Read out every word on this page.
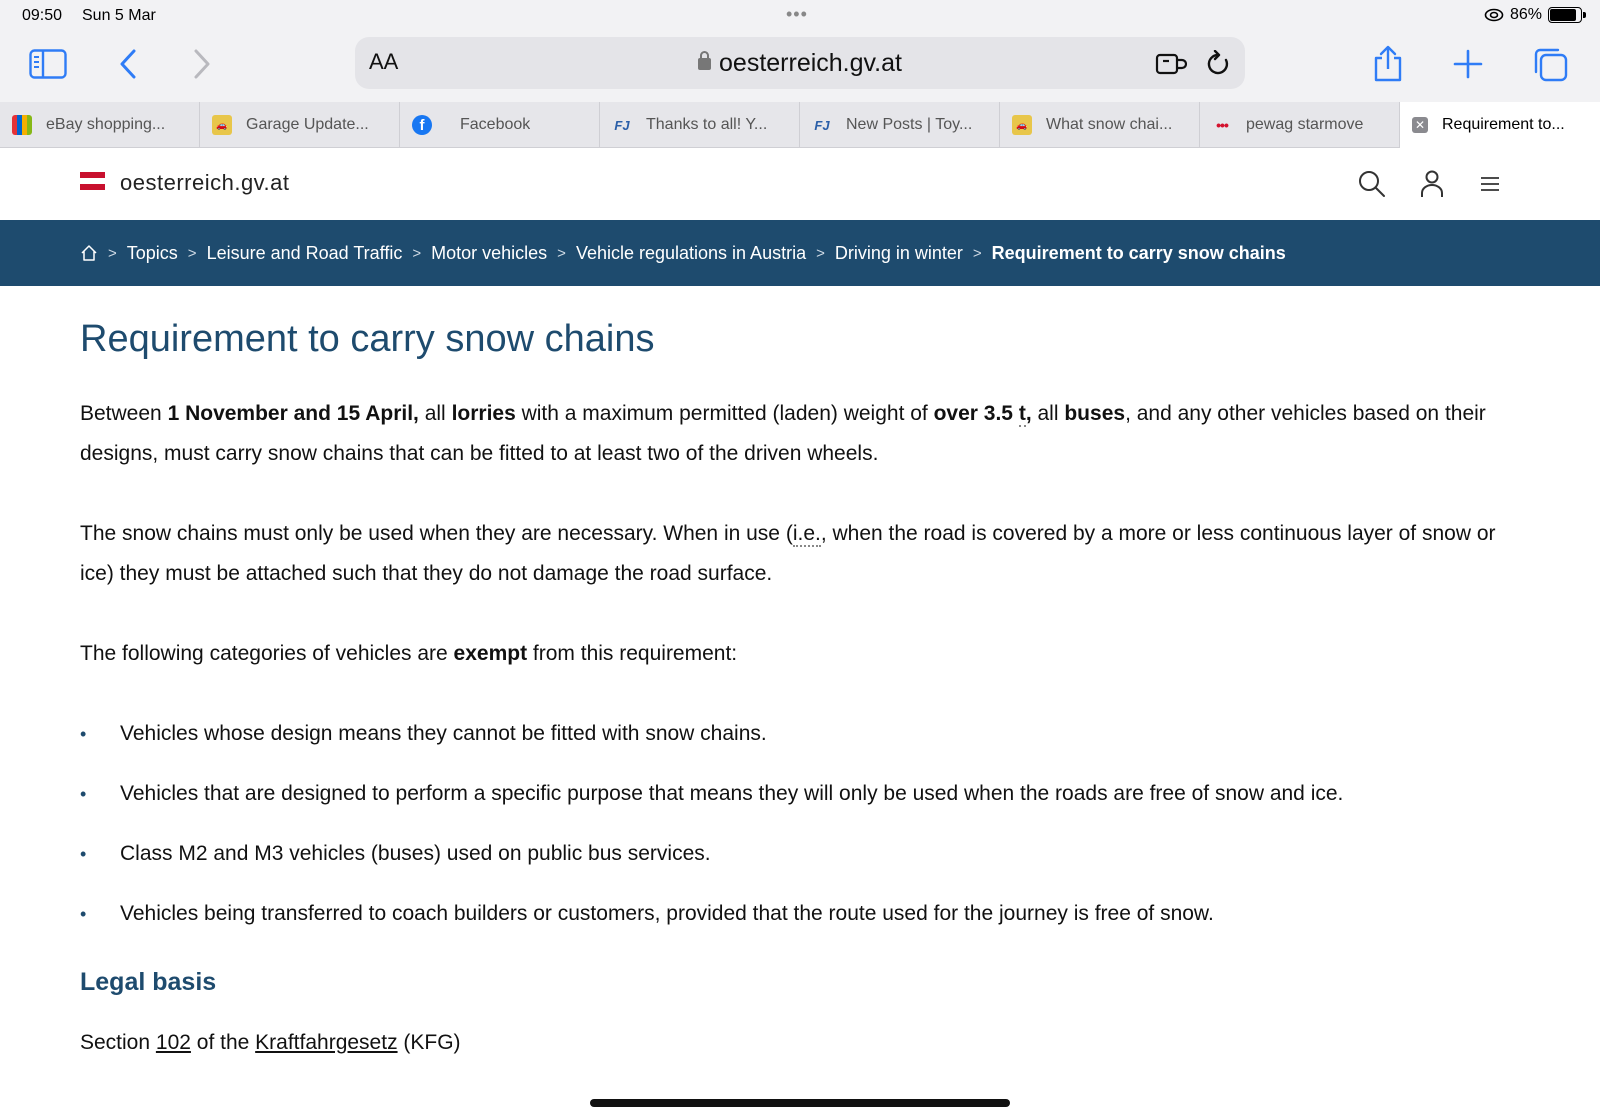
09:50 Sun 5 Mar	•••	86%
AA	oesterreich.gv.at
eBay shopping...	🚗 Garage Update...	f	Facebook	FJ Thanks to all! Y...	FJ New Posts | Toy...	🚗 What snow chai...	••• pewag starmove	✕ Requirement to...
oesterreich.gv.at
> Topics > Leisure and Road Traffic > Motor vehicles > Vehicle regulations in Austria > Driving in winter > Requirement to carry snow chains
Requirement to carry snow chains

Between 1 November and 15 April, all lorries with a maximum permitted (laden) weight of over 3.5 t, all buses, and any other vehicles based on their designs, must carry snow chains that can be fitted to at least two of the driven wheels.

The snow chains must only be used when they are necessary. When in use (i.e., when the road is covered by a more or less continuous layer of snow or ice) they must be attached such that they do not damage the road surface.

The following categories of vehicles are exempt from this requirement:

• Vehicles whose design means they cannot be fitted with snow chains.
• Vehicles that are designed to perform a specific purpose that means they will only be used when the roads are free of snow and ice.
• Class M2 and M3 vehicles (buses) used on public bus services.
• Vehicles being transferred to coach builders or customers, provided that the route used for the journey is free of snow.
Legal basis

Section 102 of the Kraftfahrgesetz (KFG)
